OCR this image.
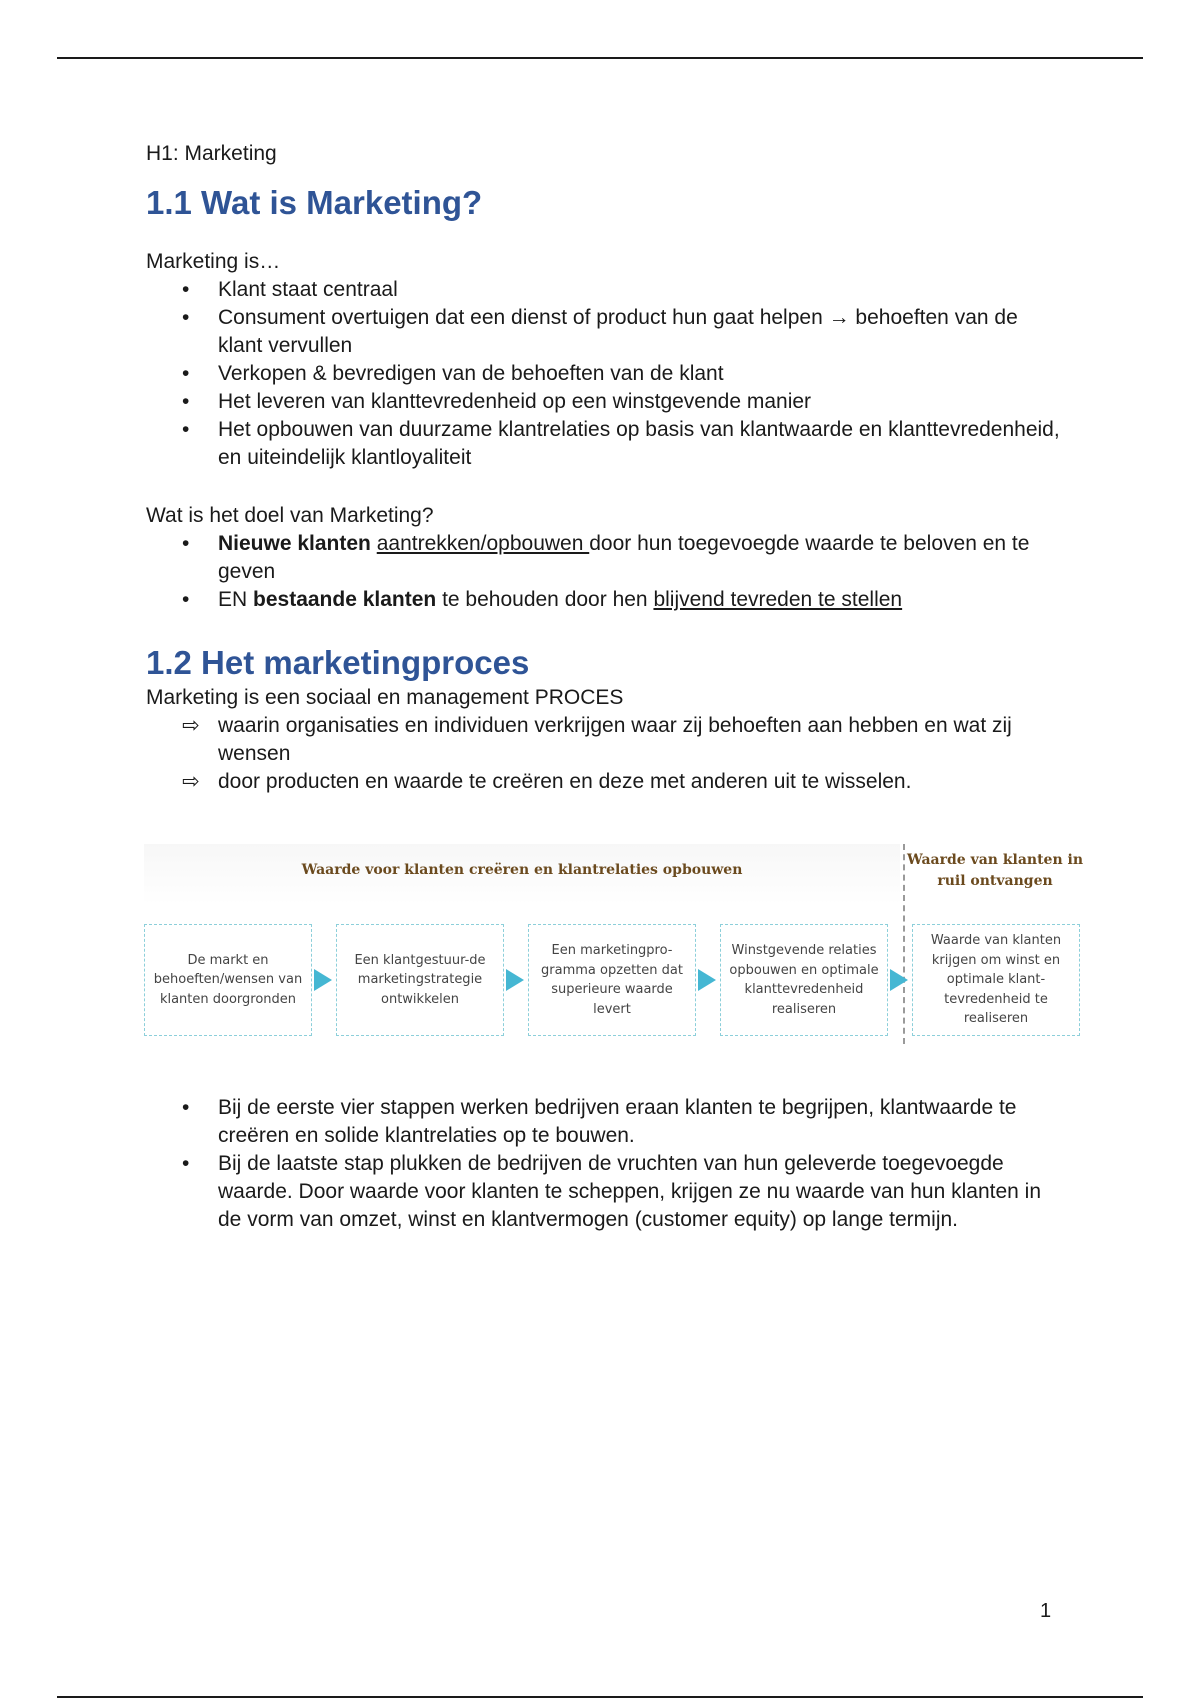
H1: Marketing
1.1 Wat is Marketing?
Marketing is…
• Klant staat centraal
• Consument overtuigen dat een dienst of product hun gaat helpen → behoeften van de klant vervullen
• Verkopen & bevredigen van de behoeften van de klant
• Het leveren van klanttevredenheid op een winstgevende manier
• Het opbouwen van duurzame klantrelaties op basis van klantwaarde en klanttevredenheid, en uiteindelijk klantloyaliteit
Wat is het doel van Marketing?
• Nieuwe klanten aantrekken/opbouwen door hun toegevoegde waarde te beloven en te geven
• EN bestaande klanten te behouden door hen blijvend tevreden te stellen
1.2 Het marketingproces
Marketing is een sociaal en management PROCES
⇨ waarin organisaties en individuen verkrijgen waar zij behoeften aan hebben en wat zij wensen
⇨ door producten en waarde te creëren en deze met anderen uit te wisselen.
Waarde voor klanten creëren en klantrelaties opbouwen
Waarde van klanten in ruil ontvangen
De markt en behoeften/wensen van klanten doorgronden
Een klantgestuur-de marketingstrategie ontwikkelen
Een marketingpro-gramma opzetten dat superieure waarde levert
Winstgevende relaties opbouwen en optimale klanttevredenheid realiseren
Waarde van klanten krijgen om winst en optimale klant-tevredenheid te realiseren
• Bij de eerste vier stappen werken bedrijven eraan klanten te begrijpen, klantwaarde te creëren en solide klantrelaties op te bouwen.
• Bij de laatste stap plukken de bedrijven de vruchten van hun geleverde toegevoegde waarde. Door waarde voor klanten te scheppen, krijgen ze nu waarde van hun klanten in de vorm van omzet, winst en klantvermogen (customer equity) op lange termijn.
1
